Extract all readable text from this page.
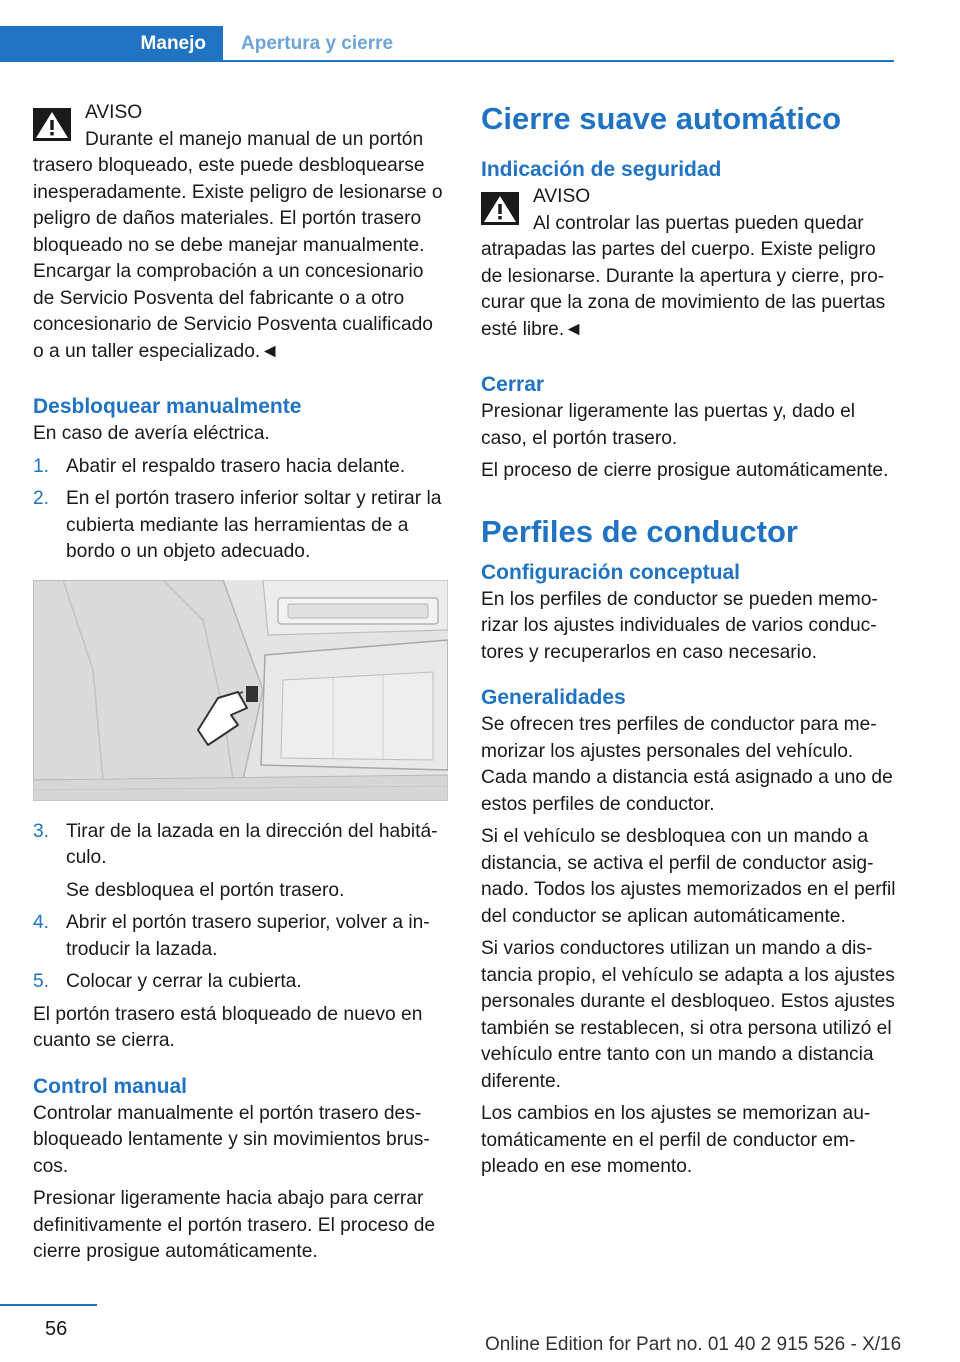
Manejo	Apertura y cierre
AVISO
Durante el manejo manual de un portón
trasero bloqueado, este puede desbloquearse inesperadamente. Existe peligro de lesionarse o peligro de daños materiales. El portón trasero bloqueado no se debe manejar manualmente. Encargar la comprobación a un concesionario de Servicio Posventa del fabricante o a otro concesionario de Servicio Posventa cualificado o a un taller especializado.◄
Desbloquear manualmente

En caso de avería eléctrica.

1. Abatir el respaldo trasero hacia delante.
2. En el portón trasero inferior soltar y retirar la cubierta mediante las herramientas de a bordo o un objeto adecuado.
3. Tirar de la lazada en la dirección del habitáculo.
Se desbloquea el portón trasero.
4. Abrir el portón trasero superior, volver a introducir la lazada.
5. Colocar y cerrar la cubierta.

El portón trasero está bloqueado de nuevo en cuanto se cierra.

Control manual

Controlar manualmente el portón trasero desbloqueado lentamente y sin movimientos bruscos.

Presionar ligeramente hacia abajo para cerrar definitivamente el portón trasero. El proceso de cierre prosigue automáticamente.

Cierre suave automático
Indicación de seguridad
AVISO
Al controlar las puertas pueden quedar
atrapadas las partes del cuerpo. Existe peligro de lesionarse. Durante la apertura y cierre, procurar que la zona de movimiento de las puertas esté libre.◄
Cerrar

Presionar ligeramente las puertas y, dado el caso, el portón trasero.

El proceso de cierre prosigue automáticamente.

Perfiles de conductor
Configuración conceptual

En los perfiles de conductor se pueden memorizar los ajustes individuales de varios conductores y recuperarlos en caso necesario.

Generalidades

Se ofrecen tres perfiles de conductor para memorizar los ajustes personales del vehículo. Cada mando a distancia está asignado a uno de estos perfiles de conductor.

Si el vehículo se desbloquea con un mando a distancia, se activa el perfil de conductor asignado. Todos los ajustes memorizados en el perfil del conductor se aplican automáticamente.

Si varios conductores utilizan un mando a distancia propio, el vehículo se adapta a los ajustes personales durante el desbloqueo. Estos ajustes también se restablecen, si otra persona utilizó el vehículo entre tanto con un mando a distancia diferente.

Los cambios en los ajustes se memorizan automáticamente en el perfil de conductor empleado en ese momento.

56
Online Edition for Part no. 01 40 2 915 526 - X/16
